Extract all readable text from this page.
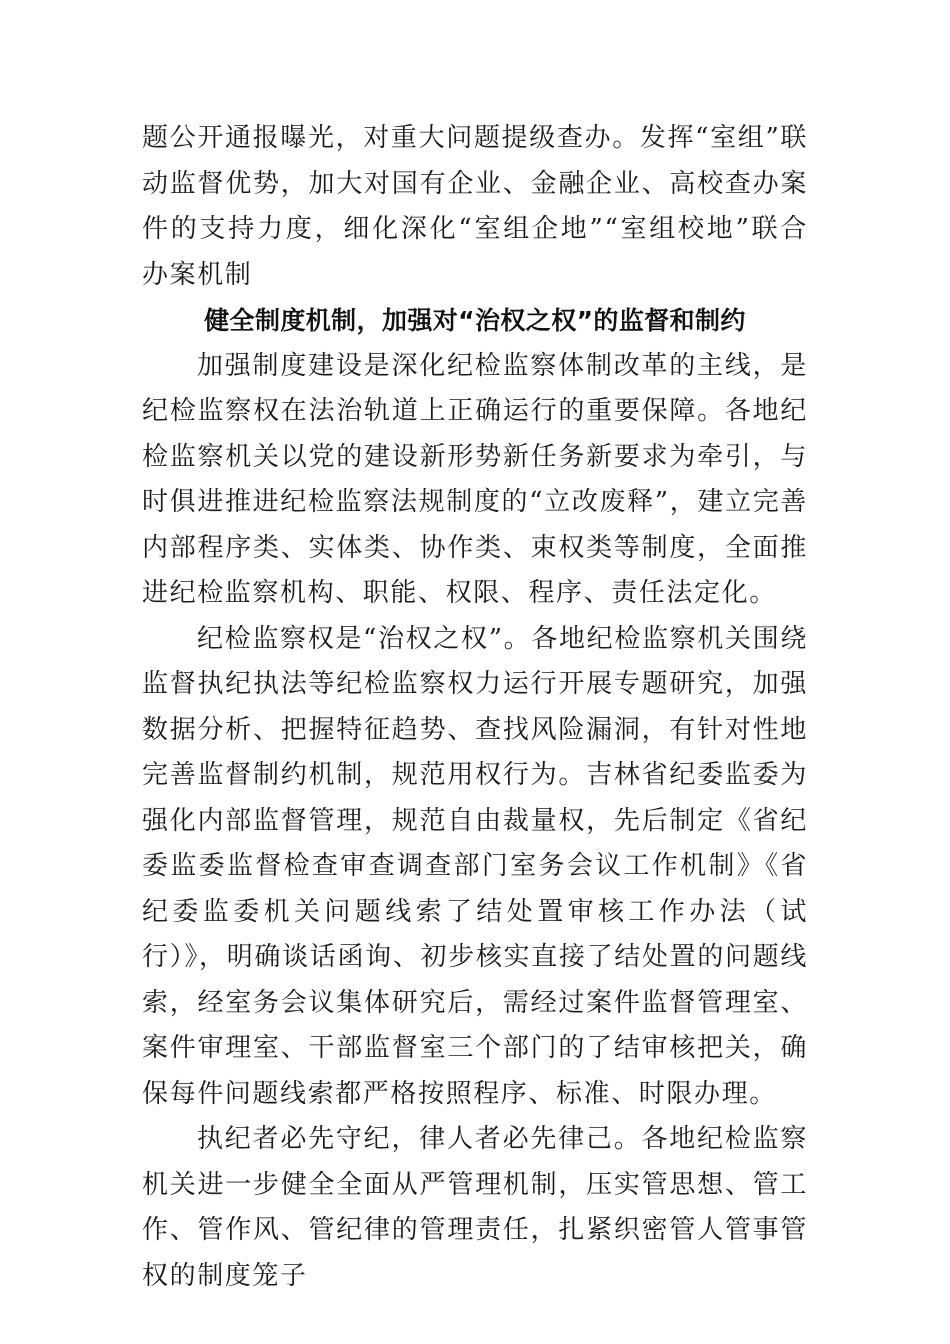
题公开通报曝光，对重大问题提级查办。发挥“室组”联动监督优势，加大对国有企业、金融企业、高校查办案件的支持力度，细化深化“室组企地”“室组校地”联合办案机制

健全制度机制，加强对“治权之权”的监督和制约

加强制度建设是深化纪检监察体制改革的主线，是纪检监察权在法治轨道上正确运行的重要保障。各地纪检监察机关以党的建设新形势新任务新要求为牵引，与时俱进推进纪检监察法规制度的“立改废释”，建立完善内部程序类、实体类、协作类、束权类等制度，全面推进纪检监察机构、职能、权限、程序、责任法定化。

纪检监察权是“治权之权”。各地纪检监察机关围绕监督执纪执法等纪检监察权力运行开展专题研究，加强数据分析、把握特征趋势、查找风险漏洞，有针对性地完善监督制约机制，规范用权行为。吉林省纪委监委为强化内部监督管理，规范自由裁量权，先后制定《省纪委监委监督检查审查调查部门室务会议工作机制》《省纪委监委机关问题线索了结处置审核工作办法（试行）》，明确谈话函询、初步核实直接了结处置的问题线索，经室务会议集体研究后，需经过案件监督管理室、案件审理室、干部监督室三个部门的了结审核把关，确保每件问题线索都严格按照程序、标准、时限办理。

执纪者必先守纪，律人者必先律己。各地纪检监察机关进一步健全全面从严管理机制，压实管思想、管工作、管作风、管纪律的管理责任，扎紧织密管人管事管权的制度笼子
